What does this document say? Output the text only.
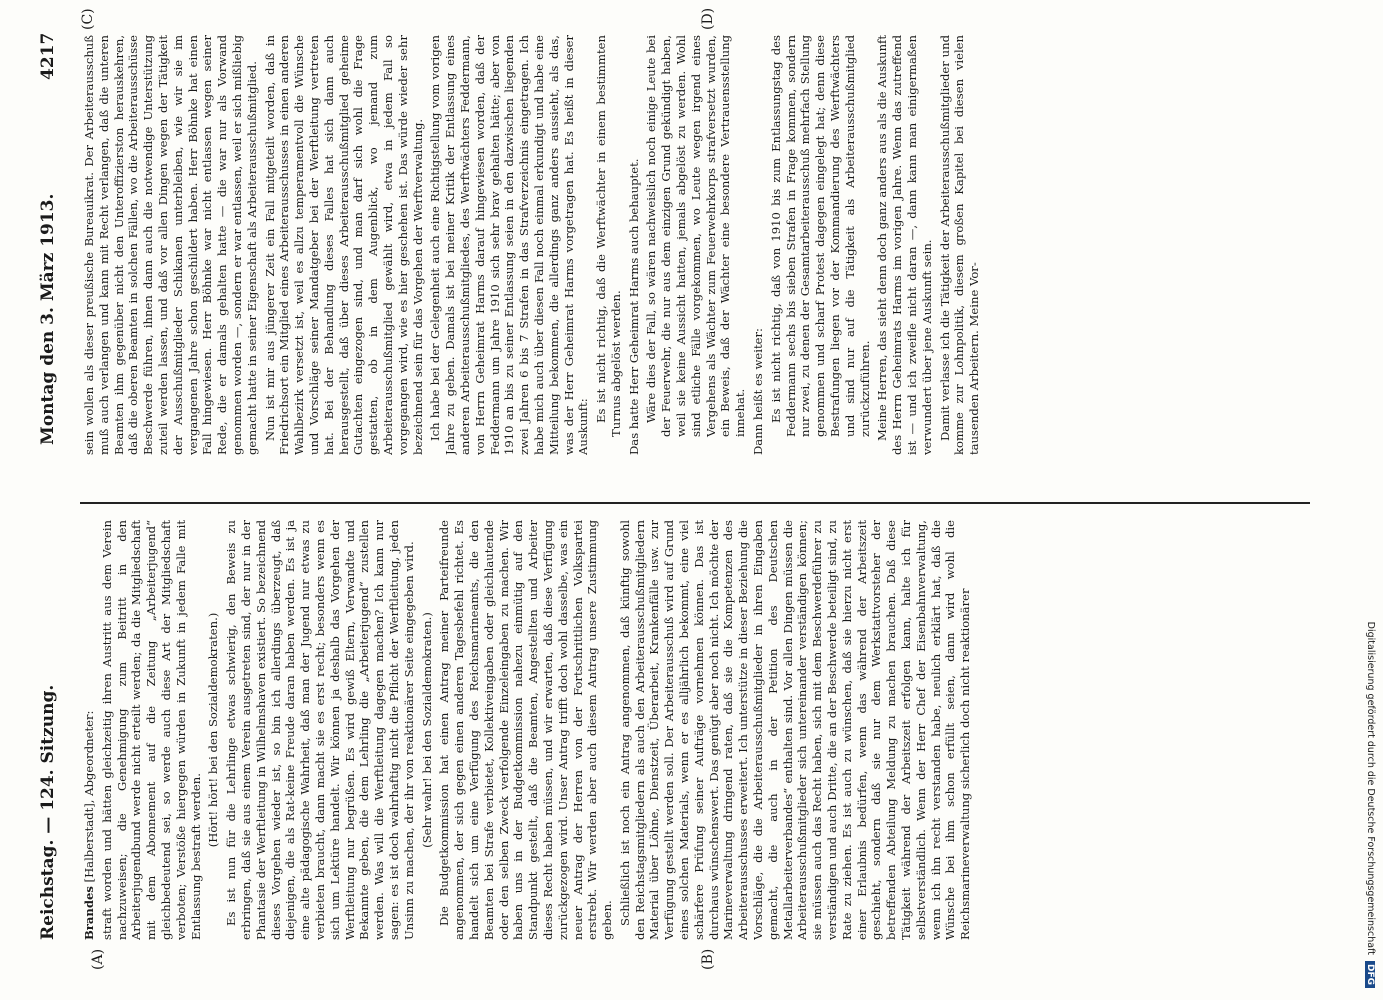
Reichstag. — 124. Sitzung.
Montag den 3. März 1913.
4217
(A)	(B)
(C)	(D)

Brandes [Halberstadt], Abgeordneter: straft worden und hätten gleichzeitig ihren Austritt aus dem Verein nachzuweisen; die Genehmigung zum Beitritt in den Arbeiterjugendbund werde nicht erteilt werden; da die Mitgliedschaft mit dem Abonnement auf die Zeitung „Arbeiterjugend“ gleichbedeutend sei, so werde auch diese Art der Mitgliedschaft verboten; Verstöße hiergegen würden in Zukunft in jedem Falle mit Entlassung bestraft werden.

(Hört! hört! bei den Sozialdemokraten.) Es ist nun für die Lehrlinge etwas schwierig, den Beweis zu erbringen, daß sie aus einem Verein ausgetreten sind, der nur in der Phantasie der Werftleitung in Wilhelmshaven existiert. So bezeichnend dieses Vorgehen wieder ist, so bin ich allerdings überzeugt, daß diejenigen, die als Rat-keine Freude daran haben werden. Es ist ja eine alte pädagogische Wahrheit, daß man der Jugend nur etwas zu verbieten braucht, dann macht sie es erst recht; besonders wenn es sich um Lektüre handelt. Wir können ja deshalb das Vorgehen der Werftleitung nur begrüßen. Es wird gewiß Eltern, Verwandte und Bekannte geben, die dem Lehrling die „Arbeiterjugend“ zustellen werden. Was will die Werftleitung dagegen machen? Ich kann nur sagen: es ist doch wahrhaftig nicht die Pflicht der Werftleitung, jeden Unsinn zu machen, der ihr von reaktionärer Seite eingegeben wird. (Sehr wahr! bei den Sozialdemokraten.) Die Budgetkommission hat einen Antrag meiner Parteifreunde angenommen, der sich gegen einen anderen Tagesbefehl richtet. Es handelt sich um eine Verfügung des Reichsmarineamts, die den Beamten bei Strafe verbietet, Kollektiveingaben oder gleichlautende oder den selben Zweck verfolgende Einzeleingaben zu machen. Wir haben uns in der Budgetkommission nahezu einmütig auf den Standpunkt gestellt, daß die Beamten, Angestellten und Arbeiter dieses Recht haben müssen, und wir erwarten, daß diese Verfügung zurückgezogen wird. Unser Antrag trifft doch wohl dasselbe, was ein neuer Antrag der Herren von der Fortschrittlichen Volkspartei erstrebt. Wir werden aber auch diesem Antrag unsere Zustimmung geben. Schließlich ist noch ein Antrag angenommen, daß künftig sowohl den Reichstagsmitgliedern als auch den Arbeiterausschußmitgliedern Material über Löhne, Dienstzeit, Überarbeit, Krankenfälle usw. zur Verfügung gestellt werden soll. Der Arbeiterausschuß wird auf Grund eines solchen Materials, wenn er es alljährlich bekommt, eine viel schärfere Prüfung seiner Aufträge vornehmen können. Das ist durchaus wünschenswert. Das genügt aber noch nicht. Ich möchte der Marineverwaltung dringend raten, daß sie die Kompetenzen des Arbeiterausschusses erweitert. Ich unterstütze in dieser Beziehung die Vorschläge, die die Arbeiterausschußmitglieder in ihren Eingaben gemacht, die auch in der Petition des Deutschen Metallarbeiterverbandes“ enthalten sind. Vor allen Dingen müssen die Arbeiterausschußmitglieder sich untereinander verständigen können; sie müssen auch das Recht haben, sich mit dem Beschwerdeführer zu verständigen und auch Dritte, die an der Beschwerde beteiligt sind, zu Rate zu ziehen. Es ist auch zu wünschen, daß sie hierzu nicht erst einer Erlaubnis bedürfen, wenn das während der Arbeitszeit geschieht, sondern daß sie nur dem Werkstattvorsteher der betreffenden Abteilung Meldung zu machen brauchen. Daß diese Tätigkeit während der Arbeitszeit erfolgen kann, halte ich für selbstverständlich. Wenn der Herr Chef der Eisenbahnverwaltung, wenn ich ihn recht verstanden habe, neulich erklärt hat, daß die Wünsche bei ihm schon erfüllt seien, dann wird wohl die Reichsmarineverwaltung sicherlich doch nicht reaktionärer

sein wollen als dieser preußische Bureauikrat. Der Arbeiterausschuß muß auch verlangen und kann mit Recht verlangen, daß die unteren Beamten ihm gegenüber nicht den Unteroffizierston herauskehren, daß die oberen Beamten in solchen Fällen, wo die Arbeiterausschüsse Beschwerde führen, ihnen dann auch die notwendige Unterstützung zuteil werden lassen, und daß vor allen Dingen wegen der Tätigkeit der Ausschußmitglieder Schikanen unterbleiben, wie wir sie im vergangenen Jahre schon geschildert haben. Herr Böhnke hat einen Fall hingewiesen. Herr Böhnke war nicht entlassen wegen seiner Rede, die er damals gehalten hatte — die war nur als Vorwand genommen worden —, sondern er war entlassen, weil er sich mißliebig gemacht hatte in seiner Eigenschaft als Arbeiterausschußmitglied. Nun ist mir aus jüngerer Zeit ein Fall mitgeteilt worden, daß in Friedrichsort ein Mitglied eines Arbeiterausschusses in einen anderen Wahlbezirk versetzt ist, weil es allzu temperamentvoll die Wünsche und Vorschläge seiner Mandatgeber bei der Werftleitung vertreten hat. Bei der Behandlung dieses Falles hat sich dann auch herausgestellt, daß über dieses Arbeiterausschußmitglied geheime Gutachten eingezogen sind, und man darf sich wohl die Frage gestatten, ob in dem Augenblick, wo jemand zum Arbeiterausschußmitglied gewählt wird, etwa in jedem Fall so vorgegangen wird, wie es hier geschehen ist. Das würde wieder sehr bezeichnend sein für das Vorgehen der Werftverwaltung. Ich habe bei der Gelegenheit auch eine Richtigstellung vom vorigen Jahre zu geben. Damals ist bei meiner Kritik der Entlassung eines anderen Arbeiterausschußmitgliedes, des Werftwächters Feddermann, von Herrn Geheimrat Harms darauf hingewiesen worden, daß der Feddermann um Jahre 1910 sich sehr brav gehalten hätte; aber von 1910 an bis zu seiner Entlassung seien in den dazwischen liegenden zwei Jahren 6 bis 7 Strafen in das Strafverzeichnis eingetragen. Ich habe mich auch über diesen Fall noch einmal erkundigt und habe eine Mitteilung bekommen, die allerdings ganz anders aussieht, als das, was der Herr Geheimrat Harms vorgetragen hat. Es heißt in dieser Auskunft:

Es ist nicht richtig, daß die Werftwächter in einem bestimmten Turnus abgelöst werden. Das hatte Herr Geheimrat Harms auch behauptet. Wäre dies der Fall, so wären nachweislich noch einige Leute bei der Feuerwehr, die nur aus dem einzigen Grund gekündigt haben, weil sie keine Aussicht hatten, jemals abgelöst zu werden. Wohl sind etliche Fälle vorgekommen, wo Leute wegen irgend eines Vergehens als Wächter zum Feuerwehrkorps strafversetzt wurden, ein Beweis, daß der Wächter eine besondere Vertrauensstellung innehat. Dann heißt es weiter: Es ist nicht richtig, daß von 1910 bis zum Entlassungstag des Feddermann sechs bis sieben Strafen in Frage kommen, sondern nur zwei, zu denen der Gesamtarbeiterausschuß mehrfach Stellung genommen und scharf Protest dagegen eingelegt hat; denn diese Bestrafungen liegen vor der Kommandierung des Werftwächters und sind nur auf die Tätigkeit als Arbeiterausschußmitglied zurückzuführen. Meine Herren, das sieht denn doch ganz anders aus als die Auskunft des Herrn Geheimrats Harms im vorigen Jahre. Wenn das zutreffend ist — und ich zweifle nicht daran —, dann kann man einigermaßen verwundert über jene Auskunft sein. Damit verlasse ich die Tätigkeit der Arbeiterausschußmitglieder und komme zur Lohnpolitik, diesem großen Kapitel bei diesen vielen tausenden Arbeitern. Meine Vor-

Digitalisierung gefördert durch die Deutsche ForschungsgemeinschaftDFG
